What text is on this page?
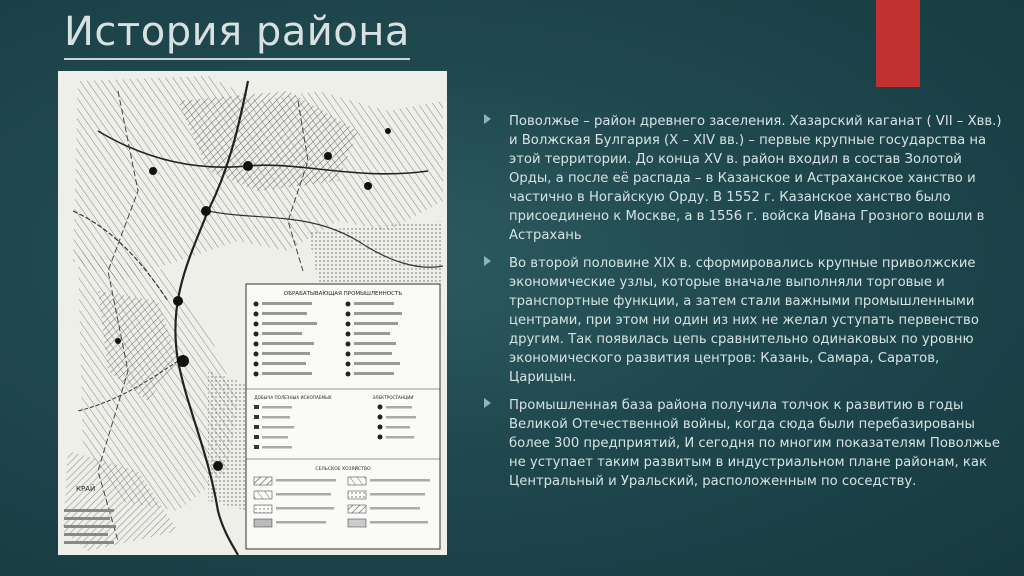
История района
ОБРАБАТЫВАЮЩАЯ ПРОМЫШЛЕННОСТЬ
ДОБЫЧА ПОЛЕЗНЫХ ИСКОПАЕМЫХ	ЭЛЕКТРОСТАНЦИИ
СЕЛЬСКОЕ ХОЗЯЙСТВО
КРАЙ
Поволжье – район древнего заселения. Хазарский каганат ( VII – Хвв.) и Волжская Булгария (Х – XIV вв.) – первые крупные государства на этой территории. До конца XV в. район входил в состав Золотой Орды, а после её распада – в Казанское и Астраханское ханство и частично в Ногайскую Орду. В 1552 г. Казанское ханство было присоединено к Москве, а в 1556 г. войска Ивана Грозного вошли в Астрахань
Во второй половине XIX в. сформировались крупные приволжские экономические узлы, которые вначале выполняли торговые и транспортные функции, а затем стали важными промышленными центрами, при этом ни один из них не желал уступать первенство другим. Так появилась цепь сравнительно одинаковых по уровню экономического развития центров: Казань, Самара, Саратов, Царицын.
Промышленная база района получила толчок к развитию в годы Великой Отечественной войны, когда сюда были перебазированы более 300 предприятий, И сегодня по многим показателям Поволжье не уступает таким развитым в индустриальном плане районам, как Центральный и Уральский, расположенным по соседству.
